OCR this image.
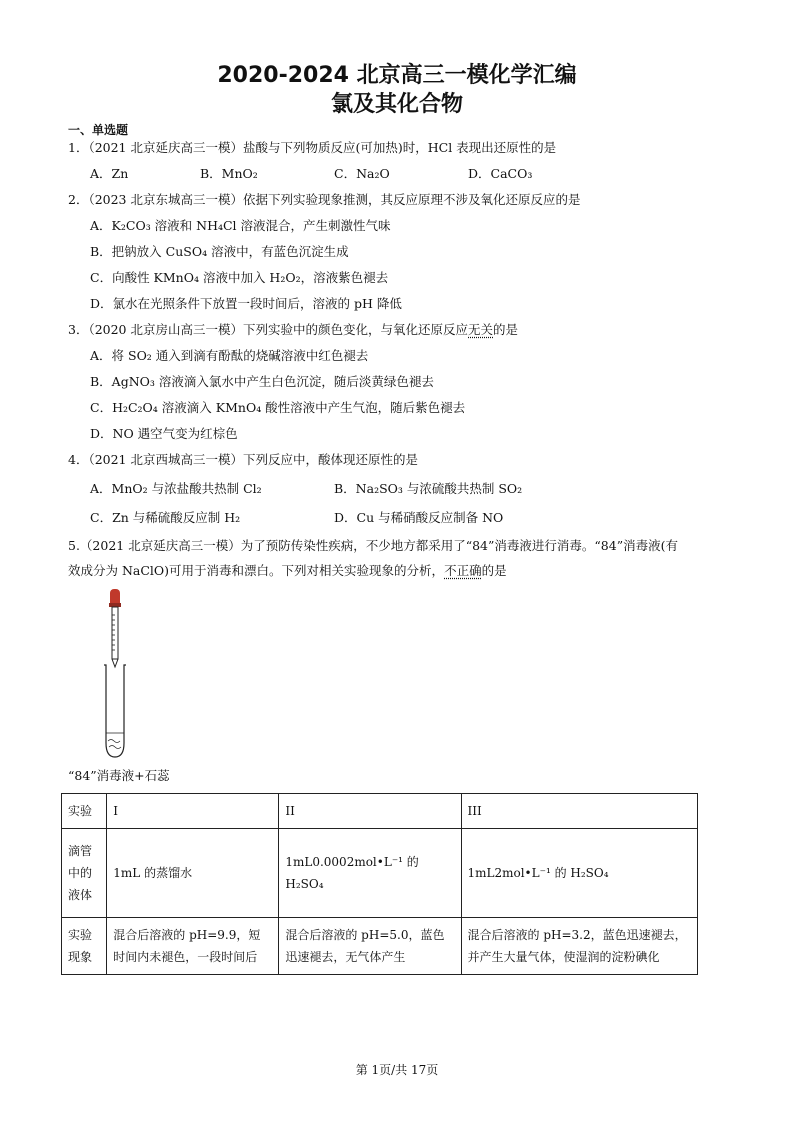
2020-2024 北京高三一模化学汇编
氯及其化合物
一、单选题
1．（2021 北京延庆高三一模）盐酸与下列物质反应(可加热)时，HCl 表现出还原性的是
A．Zn	B．MnO₂	C．Na₂O	D．CaCO₃
2．（2023 北京东城高三一模）依据下列实验现象推测，其反应原理不涉及氧化还原反应的是
A．K₂CO₃ 溶液和 NH₄Cl 溶液混合，产生刺激性气味
B．把钠放入 CuSO₄ 溶液中，有蓝色沉淀生成
C．向酸性 KMnO₄ 溶液中加入 H₂O₂，溶液紫色褪去
D．氯水在光照条件下放置一段时间后，溶液的 pH 降低
3．（2020 北京房山高三一模）下列实验中的颜色变化，与氧化还原反应无关的是
A．将 SO₂ 通入到滴有酚酞的烧碱溶液中红色褪去
B．AgNO₃ 溶液滴入氯水中产生白色沉淀，随后淡黄绿色褪去
C．H₂C₂O₄ 溶液滴入 KMnO₄ 酸性溶液中产生气泡，随后紫色褪去
D．NO 遇空气变为红棕色
4．（2021 北京西城高三一模）下列反应中，酸体现还原性的是
A．MnO₂ 与浓盐酸共热制 Cl₂	B．Na₂SO₃ 与浓硫酸共热制 SO₂
C．Zn 与稀硫酸反应制 H₂	D．Cu 与稀硝酸反应制备 NO
5.（2021 北京延庆高三一模）为了预防传染性疾病，不少地方都采用了“84”消毒液进行消毒。“84”消毒液(有
效成分为 NaClO)可用于消毒和漂白。下列对相关实验现象的分析，不正确的是
“84”消毒液+石蕊
实验	I	II	III
滴管中的液体	1mL 的蒸馏水	1mL0.0002mol•L⁻¹ 的 H₂SO₄	1mL2mol•L⁻¹ 的 H₂SO₄
实验现象	混合后溶液的 pH=9.9，短时间内未褪色，一段时间后	混合后溶液的 pH=5.0，蓝色迅速褪去，无气体产生	混合后溶液的 pH=3.2，蓝色迅速褪去，并产生大量气体，使湿润的淀粉碘化
第 1页/共 17页
